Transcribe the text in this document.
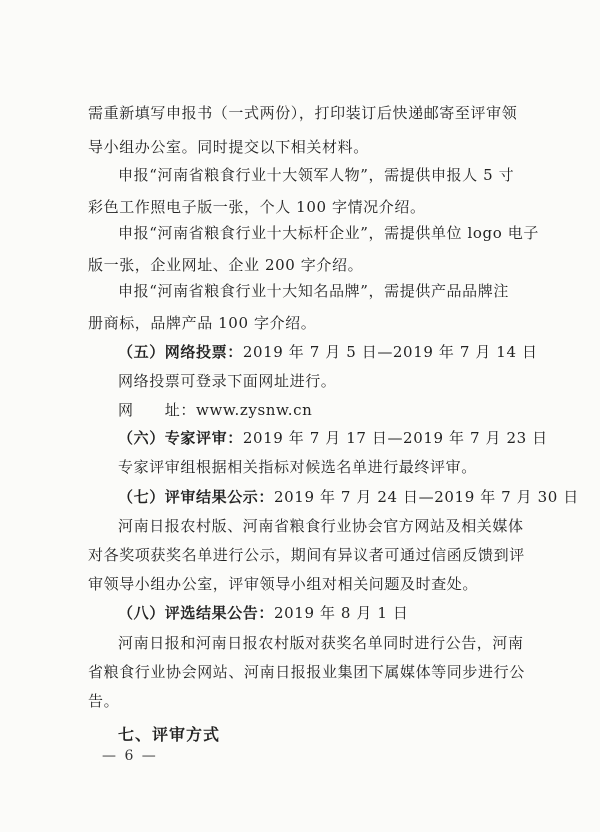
需重新填写申报书（一式两份），打印装订后快递邮寄至评审领
导小组办公室。同时提交以下相关材料。
申报“河南省粮食行业十大领军人物”，需提供申报人 5 寸
彩色工作照电子版一张，个人 100 字情况介绍。
申报“河南省粮食行业十大标杆企业”，需提供单位 logo 电子
版一张，企业网址、企业 200 字介绍。
申报“河南省粮食行业十大知名品牌”，需提供产品品牌注
册商标，品牌产品 100 字介绍。
（五）网络投票：2019 年 7 月 5 日—2019 年 7 月 14 日
网络投票可登录下面网址进行。
网　　址：www.zysnw.cn
（六）专家评审：2019 年 7 月 17 日—2019 年 7 月 23 日
专家评审组根据相关指标对候选名单进行最终评审。
（七）评审结果公示：2019 年 7 月 24 日—2019 年 7 月 30 日
河南日报农村版、河南省粮食行业协会官方网站及相关媒体
对各奖项获奖名单进行公示，期间有异议者可通过信函反馈到评
审领导小组办公室，评审领导小组对相关问题及时查处。
（八）评选结果公告：2019 年 8 月 1 日
河南日报和河南日报农村版对获奖名单同时进行公告，河南
省粮食行业协会网站、河南日报报业集团下属媒体等同步进行公
告。
七、评审方式
— 6 —
